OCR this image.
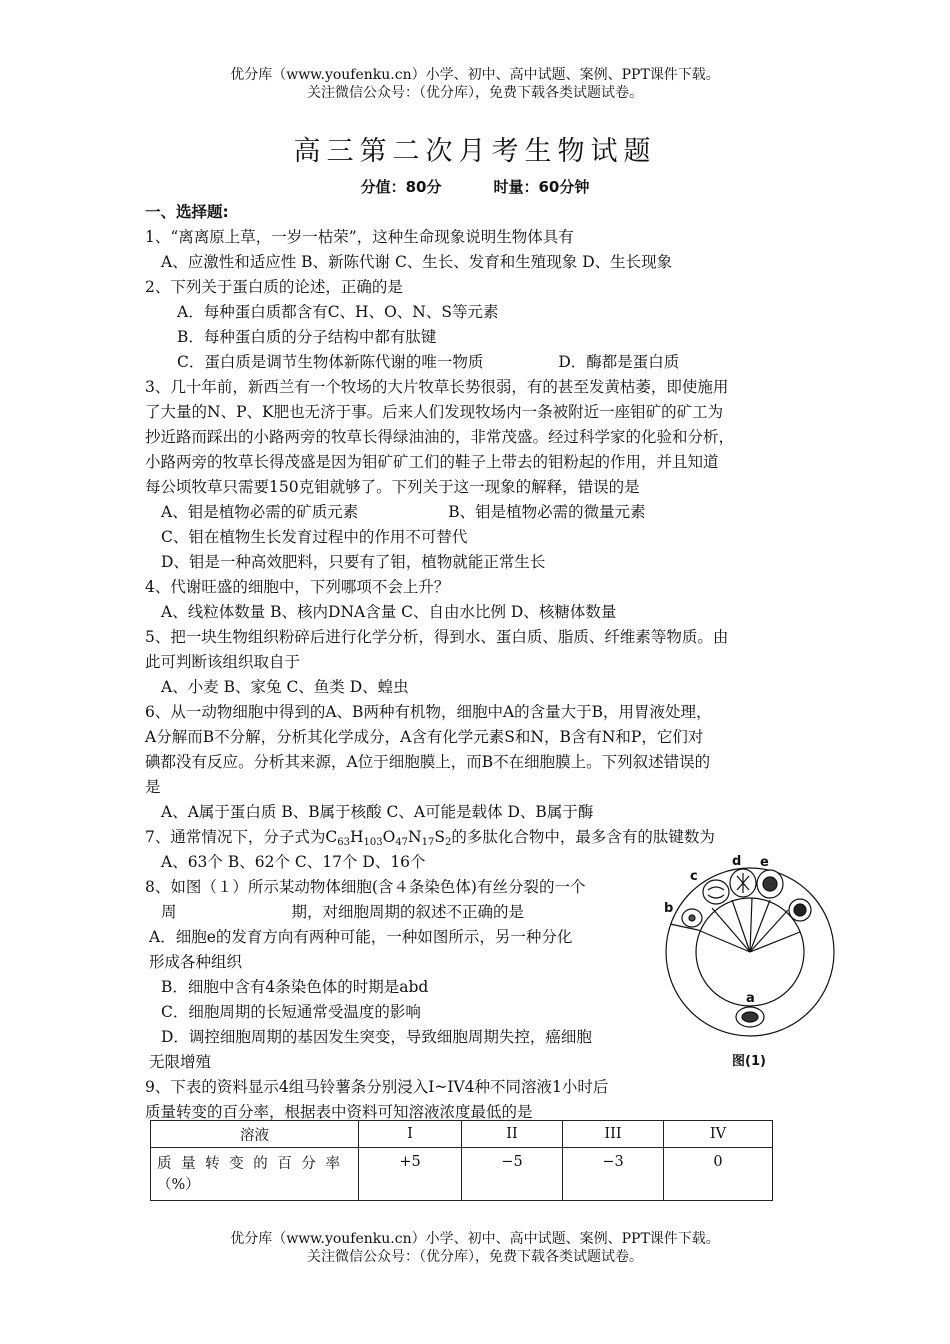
优分库（www.youfenku.cn）小学、初中、高中试题、案例、PPT课件下载。
关注微信公众号：（优分库），免费下载各类试题试卷。
高三第二次月考生物试题
分值：80分	时量：60分钟
一、选择题:
1、“离离原上草，一岁一枯荣”，这种生命现象说明生物体具有
A、应激性和适应性 B、新陈代谢 C、生长、发育和生殖现象 D、生长现象
2、下列关于蛋白质的论述，正确的是
A．每种蛋白质都含有C、H、O、N、S等元素
B．每种蛋白质的分子结构中都有肽键
C．蛋白质是调节生物体新陈代谢的唯一物质	D．酶都是蛋白质
3、几十年前，新西兰有一个牧场的大片牧草长势很弱，有的甚至发黄枯萎，即使施用
了大量的N、P、K肥也无济于事。后来人们发现牧场内一条被附近一座钼矿的矿工为
抄近路而踩出的小路两旁的牧草长得绿油油的，非常茂盛。经过科学家的化验和分析，
小路两旁的牧草长得茂盛是因为钼矿矿工们的鞋子上带去的钼粉起的作用，并且知道
每公顷牧草只需要150克钼就够了。下列关于这一现象的解释，错误的是
A、钼是植物必需的矿质元素	B、钼是植物必需的微量元素
C、钼在植物生长发育过程中的作用不可替代
D、钼是一种高效肥料，只要有了钼，植物就能正常生长
4、代谢旺盛的细胞中，下列哪项不会上升？
A、线粒体数量 B、核内DNA含量 C、自由水比例 D、核糖体数量
5、把一块生物组织粉碎后进行化学分析，得到水、蛋白质、脂质、纤维素等物质。由
此可判断该组织取自于
A、小麦 B、家兔 C、鱼类 D、蝗虫
6、从一动物细胞中得到的A、B两种有机物，细胞中A的含量大于B，用胃液处理，
A分解而B不分解，分析其化学成分，A含有化学元素S和N，B含有N和P，它们对
碘都没有反应。分析其来源，A位于细胞膜上，而B不在细胞膜上。下列叙述错误的
是
A、A属于蛋白质 B、B属于核酸 C、A可能是载体 D、B属于酶
7、通常情况下，分子式为$C_{63}H_{103}O_{47}N_{17}S_2$的多肽化合物中，最多含有的肽键数为
A、63个 B、62个 C、17个 D、16个
8、如图（１）所示某动物体细胞(含４条染色体)有丝分裂的一个
周	期，对细胞周期的叙述不正确的是
A．细胞e的发育方向有两种可能，一种如图所示，另一种分化
形成各种组织
B．细胞中含有4条染色体的时期是abd
C．细胞周期的长短通常受温度的影响
D．调控细胞周期的基因发生突变，导致细胞周期失控，癌细胞
无限增殖
9、下表的资料显示4组马铃薯条分别浸入I~IV4种不同溶液1小时后
质量转变的百分率，根据表中资料可知溶液浓度最低的是
b
c
d e
a
图(1)
溶液	I	II	III	IV

质量转变的百分率
（%）	+5	−5	−3	0
优分库（www.youfenku.cn）小学、初中、高中试题、案例、PPT课件下载。
关注微信公众号：（优分库），免费下载各类试题试卷。
